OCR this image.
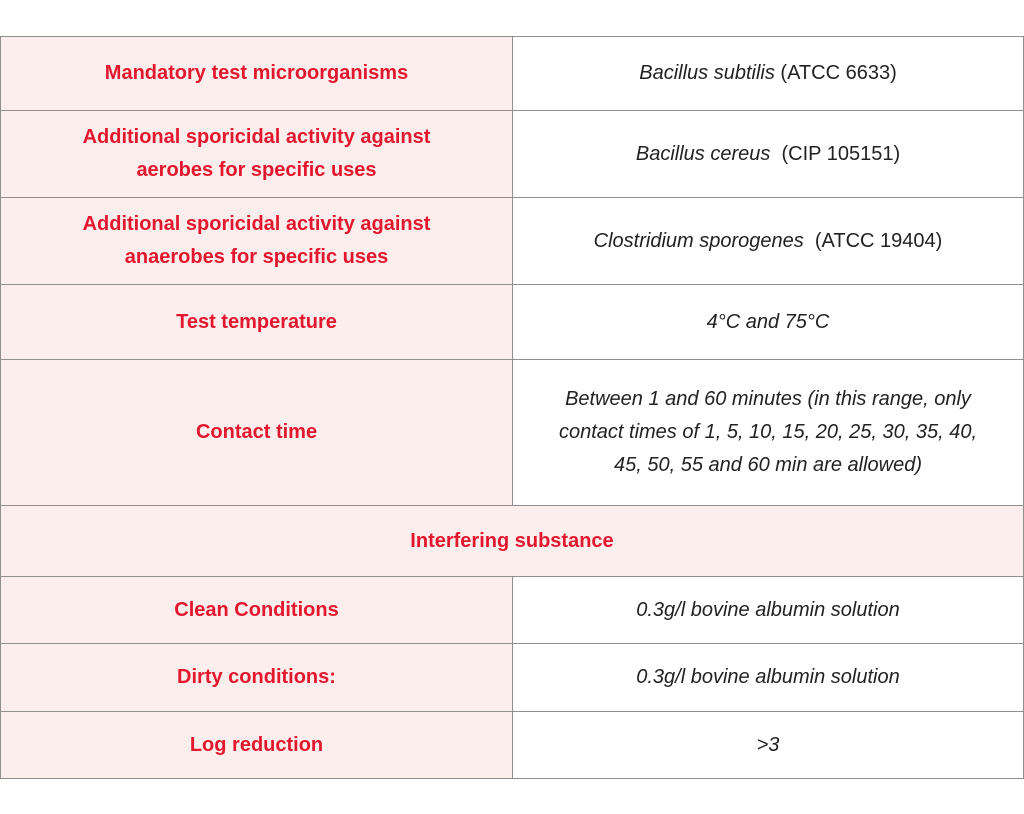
Mandatory test microorganisms	Bacillus subtilis (ATCC 6633)
Additional sporicidal activity against
aerobes for specific uses	Bacillus cereus  (CIP 105151)
Additional sporicidal activity against
anaerobes for specific uses	Clostridium sporogenes  (ATCC 19404)
Test temperature	4°C and 75°C
Contact time	Between 1 and 60 minutes (in this range, only
contact times of 1, 5, 10, 15, 20, 25, 30, 35, 40,
45, 50, 55 and 60 min are allowed)
Interfering substance	
Clean Conditions	0.3g/l bovine albumin solution
Dirty conditions:	0.3g/l bovine albumin solution
Log reduction	>3
